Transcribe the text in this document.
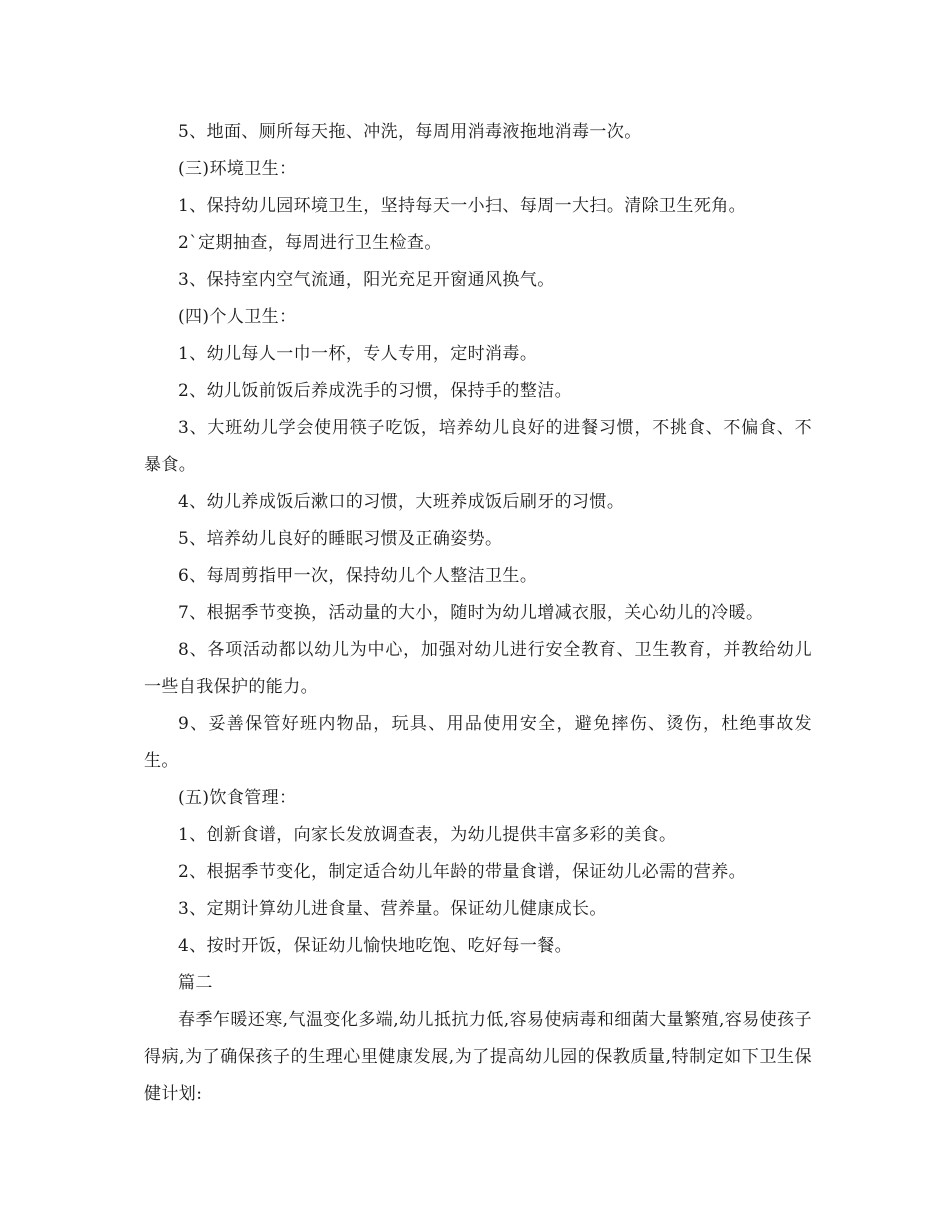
5、地面、厕所每天拖、冲洗，每周用消毒液拖地消毒一次。

(三)环境卫生：

1、保持幼儿园环境卫生，坚持每天一小扫、每周一大扫。清除卫生死角。

2`定期抽查，每周进行卫生检查。

3、保持室内空气流通，阳光充足开窗通风换气。

(四)个人卫生：

1、幼儿每人一巾一杯，专人专用，定时消毒。

2、幼儿饭前饭后养成洗手的习惯，保持手的整洁。

3、大班幼儿学会使用筷子吃饭，培养幼儿良好的进餐习惯，不挑食、不偏食、不暴食。

4、幼儿养成饭后漱口的习惯，大班养成饭后刷牙的习惯。

5、培养幼儿良好的睡眠习惯及正确姿势。

6、每周剪指甲一次，保持幼儿个人整洁卫生。

7、根据季节变换，活动量的大小，随时为幼儿增减衣服，关心幼儿的冷暖。

8、各项活动都以幼儿为中心，加强对幼儿进行安全教育、卫生教育，并教给幼儿一些自我保护的能力。

9、妥善保管好班内物品，玩具、用品使用安全，避免摔伤、烫伤，杜绝事故发生。

(五)饮食管理：

1、创新食谱，向家长发放调查表，为幼儿提供丰富多彩的美食。

2、根据季节变化，制定适合幼儿年龄的带量食谱，保证幼儿必需的营养。

3、定期计算幼儿进食量、营养量。保证幼儿健康成长。

4、按时开饭，保证幼儿愉快地吃饱、吃好每一餐。

篇二

春季乍暖还寒,气温变化多端,幼儿抵抗力低,容易使病毒和细菌大量繁殖,容易使孩子得病,为了确保孩子的生理心里健康发展,为了提高幼儿园的保教质量,特制定如下卫生保健计划:
